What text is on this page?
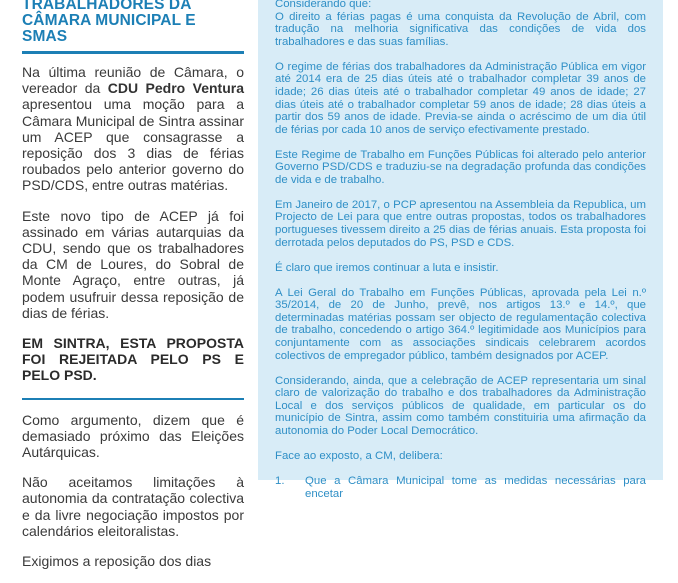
TRABALHADORES DA
CÂMARA MUNICIPAL E SMAS

Na última reunião de Câmara, o vereador da CDU Pedro Ventura apresentou uma moção para a Câmara Municipal de Sintra assinar um ACEP que consagrasse a reposição dos 3 dias de férias roubados pelo anterior governo do PSD/CDS, entre outras matérias.

Este novo tipo de ACEP já foi assinado em várias autarquias da CDU, sendo que os trabalhadores da CM de Loures, do Sobral de Monte Agraço, entre outras, já podem usufruir dessa reposição de dias de férias.

EM SINTRA, ESTA PROPOSTA FOI REJEITADA PELO PS E PELO PSD.

Como argumento, dizem que é demasiado próximo das Eleições Autárquicas.

Não aceitamos limitações à autonomia da contratação colectiva e da livre negociação impostos por calendários eleitoralistas.

Exigimos a reposição dos dias

Considerando que:

O direito a férias pagas é uma conquista da Revolução de Abril, com tradução na melhoria significativa das condições de vida dos trabalhadores e das suas famílias.

O regime de férias dos trabalhadores da Administração Pública em vigor até 2014 era de 25 dias úteis até o trabalhador completar 39 anos de idade; 26 dias úteis até o trabalhador completar 49 anos de idade; 27 dias úteis até o trabalhador completar 59 anos de idade; 28 dias úteis a partir dos 59 anos de idade. Previa-se ainda o acréscimo de um dia útil de férias por cada 10 anos de serviço efectivamente prestado.

Este Regime de Trabalho em Funções Públicas foi alterado pelo anterior Governo PSD/CDS e traduziu-se na degradação profunda das condições de vida e de trabalho.

Em Janeiro de 2017, o PCP apresentou na Assembleia da Republica, um Projecto de Lei para que entre outras propostas, todos os trabalhadores portugueses tivessem direito a 25 dias de férias anuais. Esta proposta foi derrotada pelos deputados do PS, PSD e CDS.

É claro que iremos continuar a luta e insistir.

A Lei Geral do Trabalho em Funções Públicas, aprovada pela Lei n.º 35/2014, de 20 de Junho, prevê, nos artigos 13.º e 14.º, que determinadas matérias possam ser objecto de regulamentação colectiva de trabalho, concedendo o artigo 364.º legitimidade aos Municípios para conjuntamente com as associações sindicais celebrarem acordos colectivos de empregador público, também designados por ACEP.

Considerando, ainda, que a celebração de ACEP representaria um sinal claro de valorização do trabalho e dos trabalhadores da Administração Local e dos serviços públicos de qualidade, em particular os do município de Sintra, assim como também constituiria uma afirmação da autonomia do Poder Local Democrático.

Face ao exposto, a CM, delibera:

1.	Que a Câmara Municipal tome as medidas necessárias para encetar
